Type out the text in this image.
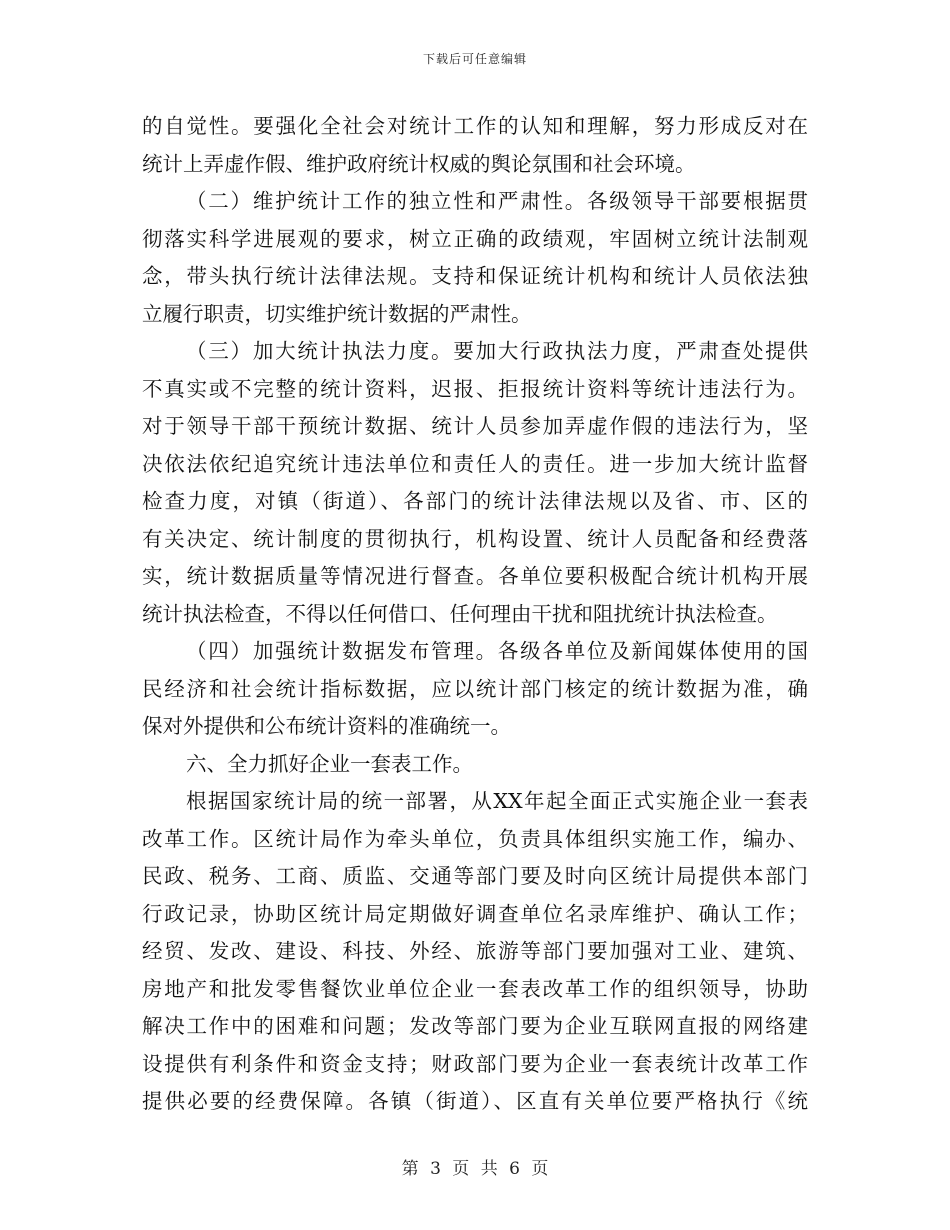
下载后可任意编辑
的自觉性。要强化全社会对统计工作的认知和理解，努力形成反对在
统计上弄虚作假、维护政府统计权威的舆论氛围和社会环境。
（二）维护统计工作的独立性和严肃性。各级领导干部要根据贯
彻落实科学进展观的要求，树立正确的政绩观，牢固树立统计法制观
念，带头执行统计法律法规。支持和保证统计机构和统计人员依法独
立履行职责，切实维护统计数据的严肃性。
（三）加大统计执法力度。要加大行政执法力度，严肃查处提供
不真实或不完整的统计资料，迟报、拒报统计资料等统计违法行为。
对于领导干部干预统计数据、统计人员参加弄虚作假的违法行为，坚
决依法依纪追究统计违法单位和责任人的责任。进一步加大统计监督
检查力度，对镇（街道）、各部门的统计法律法规以及省、市、区的
有关决定、统计制度的贯彻执行，机构设置、统计人员配备和经费落
实，统计数据质量等情况进行督查。各单位要积极配合统计机构开展
统计执法检查，不得以任何借口、任何理由干扰和阻扰统计执法检查。
（四）加强统计数据发布管理。各级各单位及新闻媒体使用的国
民经济和社会统计指标数据，应以统计部门核定的统计数据为准，确
保对外提供和公布统计资料的准确统一。
六、全力抓好企业一套表工作。
根据国家统计局的统一部署，从XX年起全面正式实施企业一套表
改革工作。区统计局作为牵头单位，负责具体组织实施工作，编办、
民政、税务、工商、质监、交通等部门要及时向区统计局提供本部门
行政记录，协助区统计局定期做好调查单位名录库维护、确认工作；
经贸、发改、建设、科技、外经、旅游等部门要加强对工业、建筑、
房地产和批发零售餐饮业单位企业一套表改革工作的组织领导，协助
解决工作中的困难和问题；发改等部门要为企业互联网直报的网络建
设提供有利条件和资金支持；财政部门要为企业一套表统计改革工作
提供必要的经费保障。各镇（街道）、区直有关单位要严格执行《统
第 3 页 共 6 页
